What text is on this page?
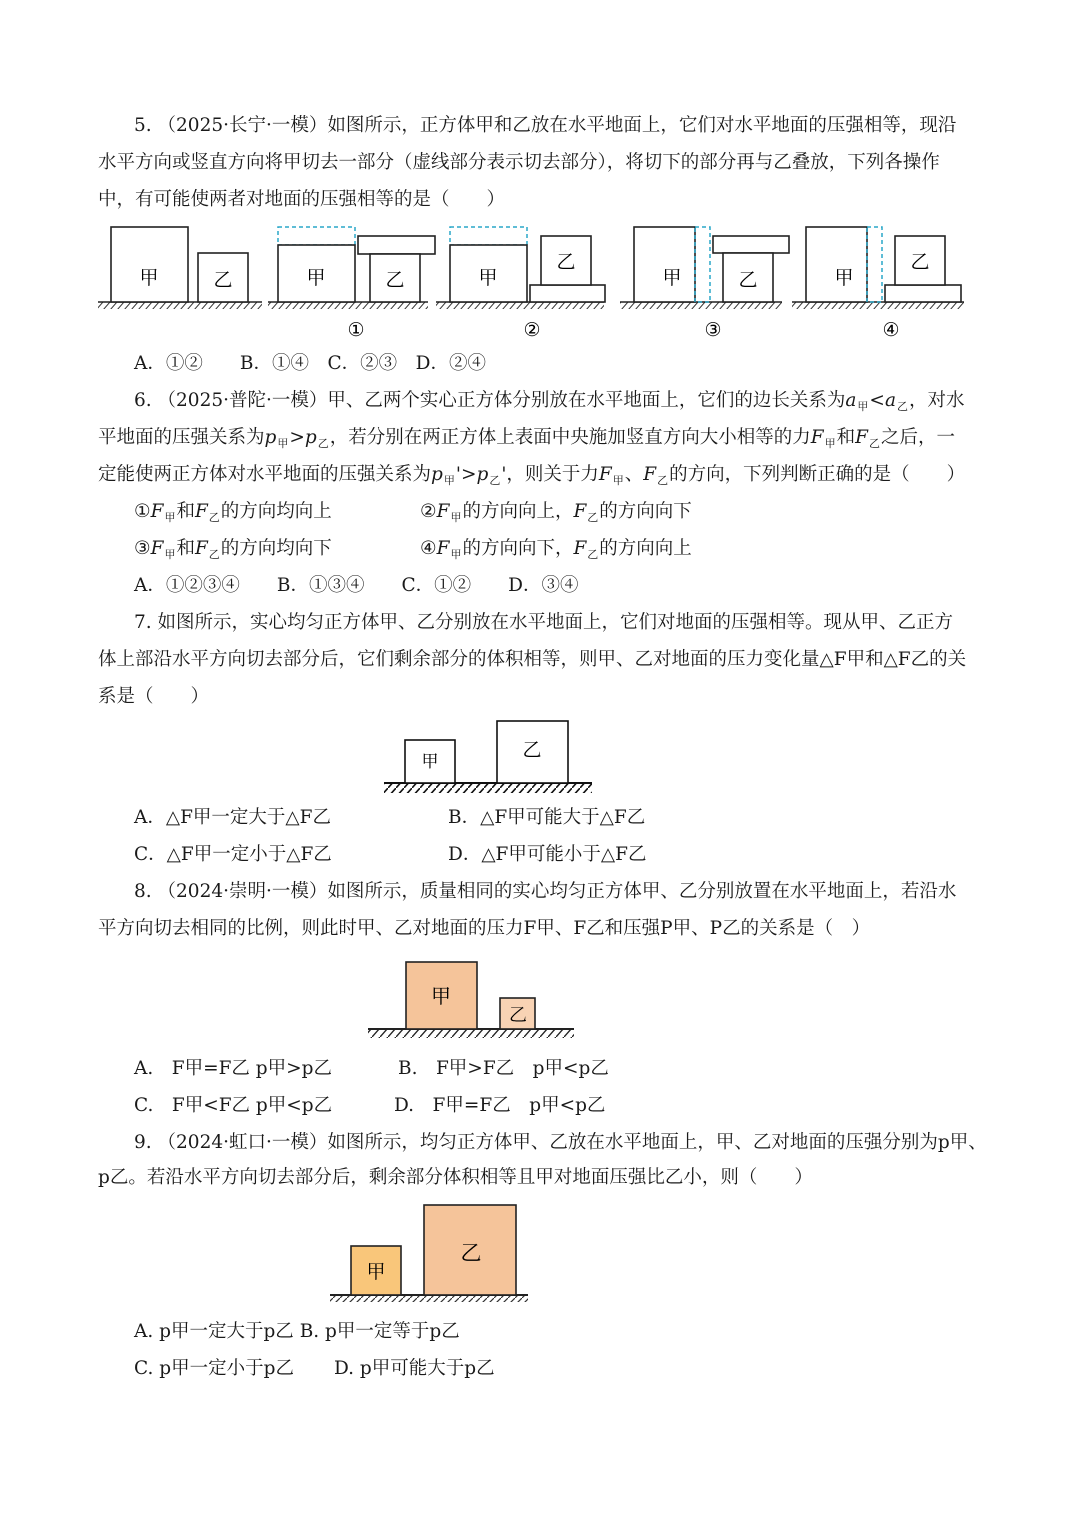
5. （2025·长宁·一模）如图所示，正方体甲和乙放在水平地面上，它们对水平地面的压强相等，现沿
水平方向或竖直方向将甲切去一部分（虚线部分表示切去部分），将切下的部分再与乙叠放，下列各操作
中，有可能使两者对地面的压强相等的是（　　）
甲	乙	甲	乙
①
甲
乙
②
甲	乙
③
甲
乙
④
A．①②　　B．①④　C．②③　D．②④
6. （2025·普陀·一模）甲、乙两个实心正方体分别放在水平地面上，它们的边长关系为$a_甲<a_乙$，对水
平地面的压强关系为$p_甲>p_乙$，若分别在两正方体上表面中央施加竖直方向大小相等的力$F_甲$和$F_乙$之后，一
定能使两正方体对水平地面的压强关系为$p_甲'>p_乙'$，则关于力$F_甲$、$F_乙$的方向，下列判断正确的是（　　）
$①F_甲$和$F_乙$的方向均向上	$②F_甲$的方向向上，$F_乙$的方向向下
$③F_甲$和$F_乙$的方向均向下	$④F_甲$的方向向下，$F_乙$的方向向上
A．①②③④　　B．①③④　　C．①②　　D．③④
7. 如图所示，实心均匀正方体甲、乙分别放在水平地面上，它们对地面的压强相等。现从甲、乙正方
体上部沿水平方向切去部分后，它们剩余部分的体积相等，则甲、乙对地面的压力变化量△F甲和△F乙的关
系是（　　）
甲
乙
A．△F甲一定大于△F乙	B．△F甲可能大于△F乙
C．△F甲一定小于△F乙	D．△F甲可能小于△F乙
8. （2024·崇明·一模）如图所示，质量相同的实心均匀正方体甲、乙分别放置在水平地面上，若沿水
平方向切去相同的比例，则此时甲、乙对地面的压力F甲、F乙和压强P甲、P乙的关系是（　）
甲
乙
A.　F甲=F乙 p甲>p乙	B.　F甲>F乙　p甲<p乙
C.　F甲<F乙 p甲<p乙	D.　F甲=F乙　p甲<p乙
9. （2024·虹口·一模）如图所示，均匀正方体甲、乙放在水平地面上，甲、乙对地面的压强分别为p甲、
p乙。若沿水平方向切去部分后，剩余部分体积相等且甲对地面压强比乙小，则（　　）
甲
乙
A. p甲一定大于p乙 B. p甲一定等于p乙
C. p甲一定小于p乙 D. p甲可能大于p乙
